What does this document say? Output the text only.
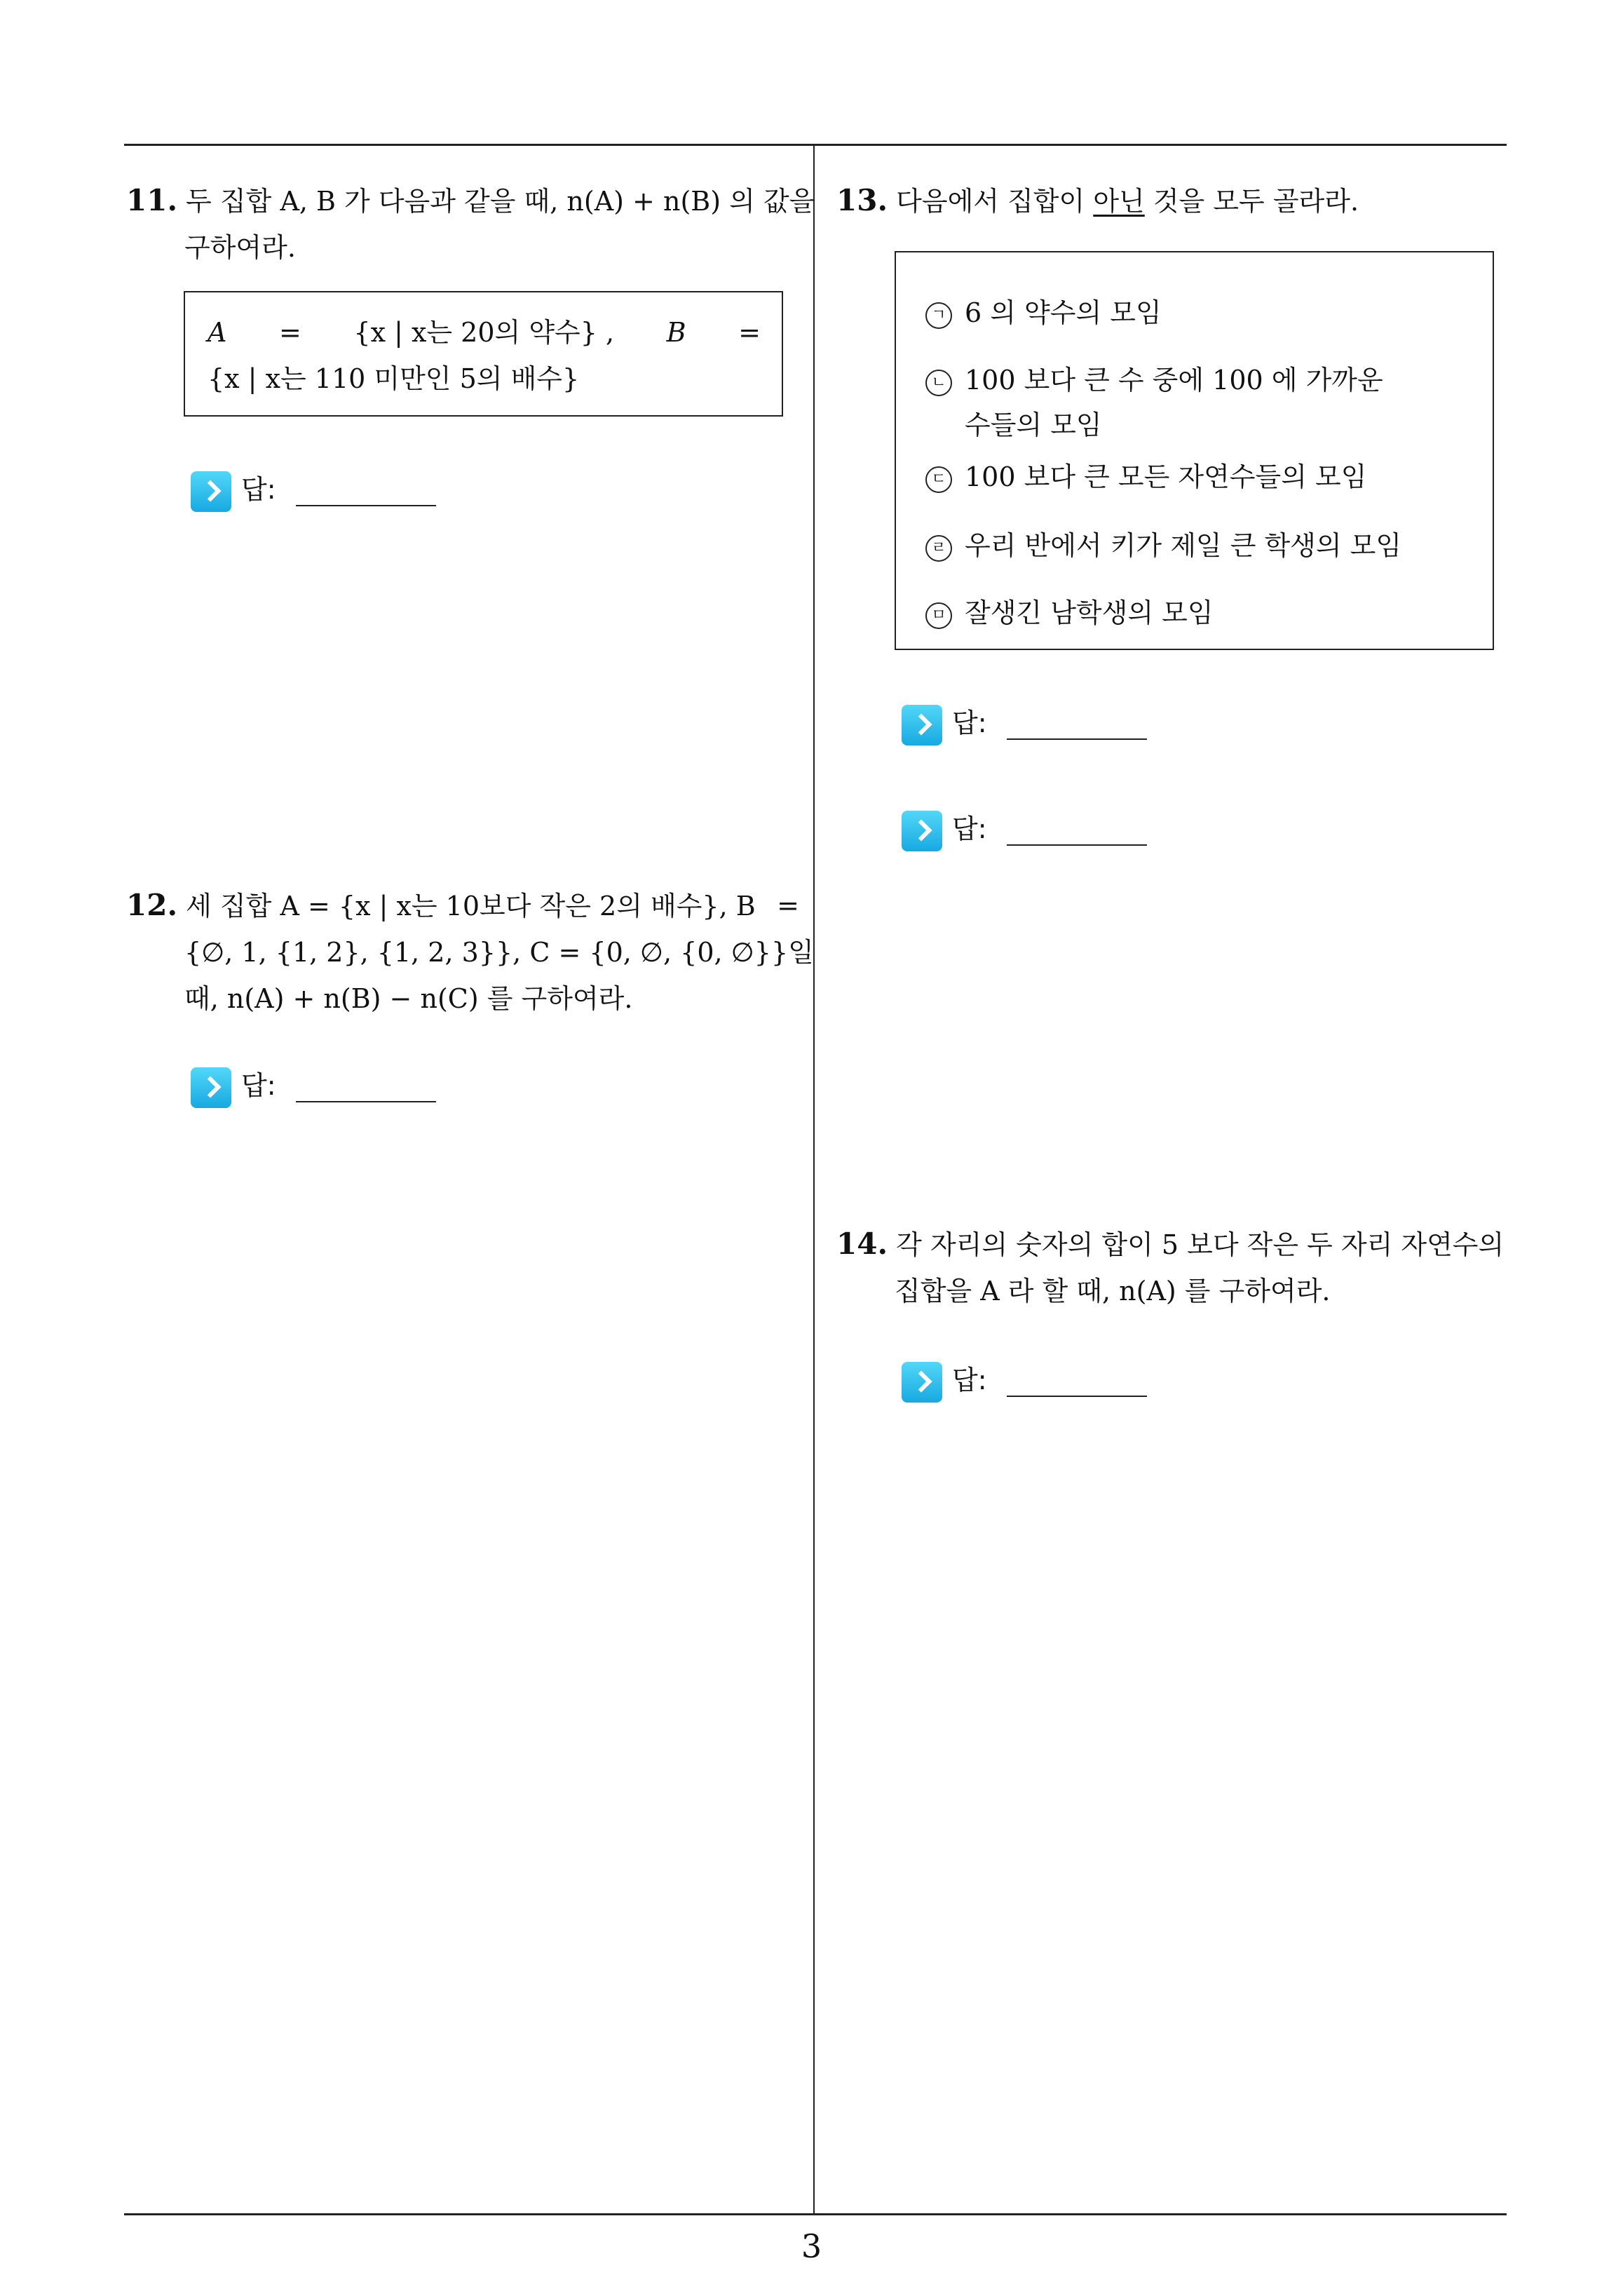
3
11. 두 집합 A, B 가 다음과 같을 때, n(A) + n(B) 의 값을
구하여라.
A = {x | x는 20의 약수} , B =
{x | x는 110 미만인 5의 배수}
답:
12. 세 집합 A = {x | x는 10보다 작은 2의 배수}, B =
{∅, 1, {1, 2}, {1, 2, 3}}, C = {0, ∅, {0, ∅}} 일
때, n(A) + n(B) − n(C) 를 구하여라.
답:
13. 다음에서 집합이 아닌 것을 모두 골라라.
ㄱ 6 의 약수의 모임
ㄴ 100 보다 큰 수 중에 100 에 가까운
수들의 모임
ㄷ 100 보다 큰 모든 자연수들의 모임
ㄹ 우리 반에서 키가 제일 큰 학생의 모임
ㅁ 잘생긴 남학생의 모임
답:
답:
14. 각 자리의 숫자의 합이 5 보다 작은 두 자리 자연수의
집합을 A 라 할 때, n(A) 를 구하여라.
답:
